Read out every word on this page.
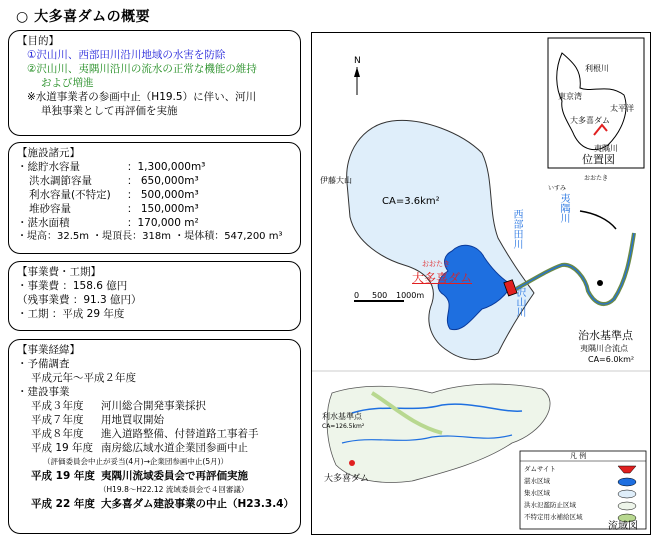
○ 大多喜ダムの概要
【目的】
①沢山川、西部田川沿川地域の水害を防除
②沢山川、夷隅川沿川の流水の正常な機能の維持
および増進
※水道事業者の参画中止（H19.5）に伴い、河川
単独事業として再評価を実施
【施設諸元】
・総貯水容量	：1,300,000m³
洪水調節容量	： 650,000m³
利水容量(不特定) ： 500,000m³
堆砂容量	： 150,000m³
・湛水面積	：170,000 m²
・堤高：32.5m ・堤頂長：318m ・堤体積：547,200 m³
【事業費・工期】
・事業費 ：158.6 億円
（残事業費 ：91.3 億円）
・工期 ：平成 29 年度
【事業経緯】
・予備調査
平成元年～平成２年度
・建設事業
平成３年度 河川総合開発事業採択
平成７年度 用地買収開始
平成８年度 進入道路整備、付替道路工事着手
平成 19 年度 南房総広域水道企業団参画中止
（評価委員会中止が妥当(4月)→企業団参画中止(5月)）
平成 19 年度 夷隅川流域委員会で再評価実施
（H19.8～H22.12 流域委員会で４回審議）
平成 22 年度 大多喜ダム建設事業の中止（H23.3.4）
N
利根川
東京湾
太平洋
大多喜ダム
夷隅川
位置図
伊藤大山
CA=3.6km²
おおたき
大多喜ダム
西部田川
沢山川
夷隅川
いすみ
おおたき
0 500 1000m
治水基準点
夷隅川合流点
CA=6.0km²
利水基準点
CA=126.5km²
大多喜ダム
凡 例
ダムサイト
湛水区域
集水区域
洪水氾濫防止区域
不特定用水補給区域
流域図
